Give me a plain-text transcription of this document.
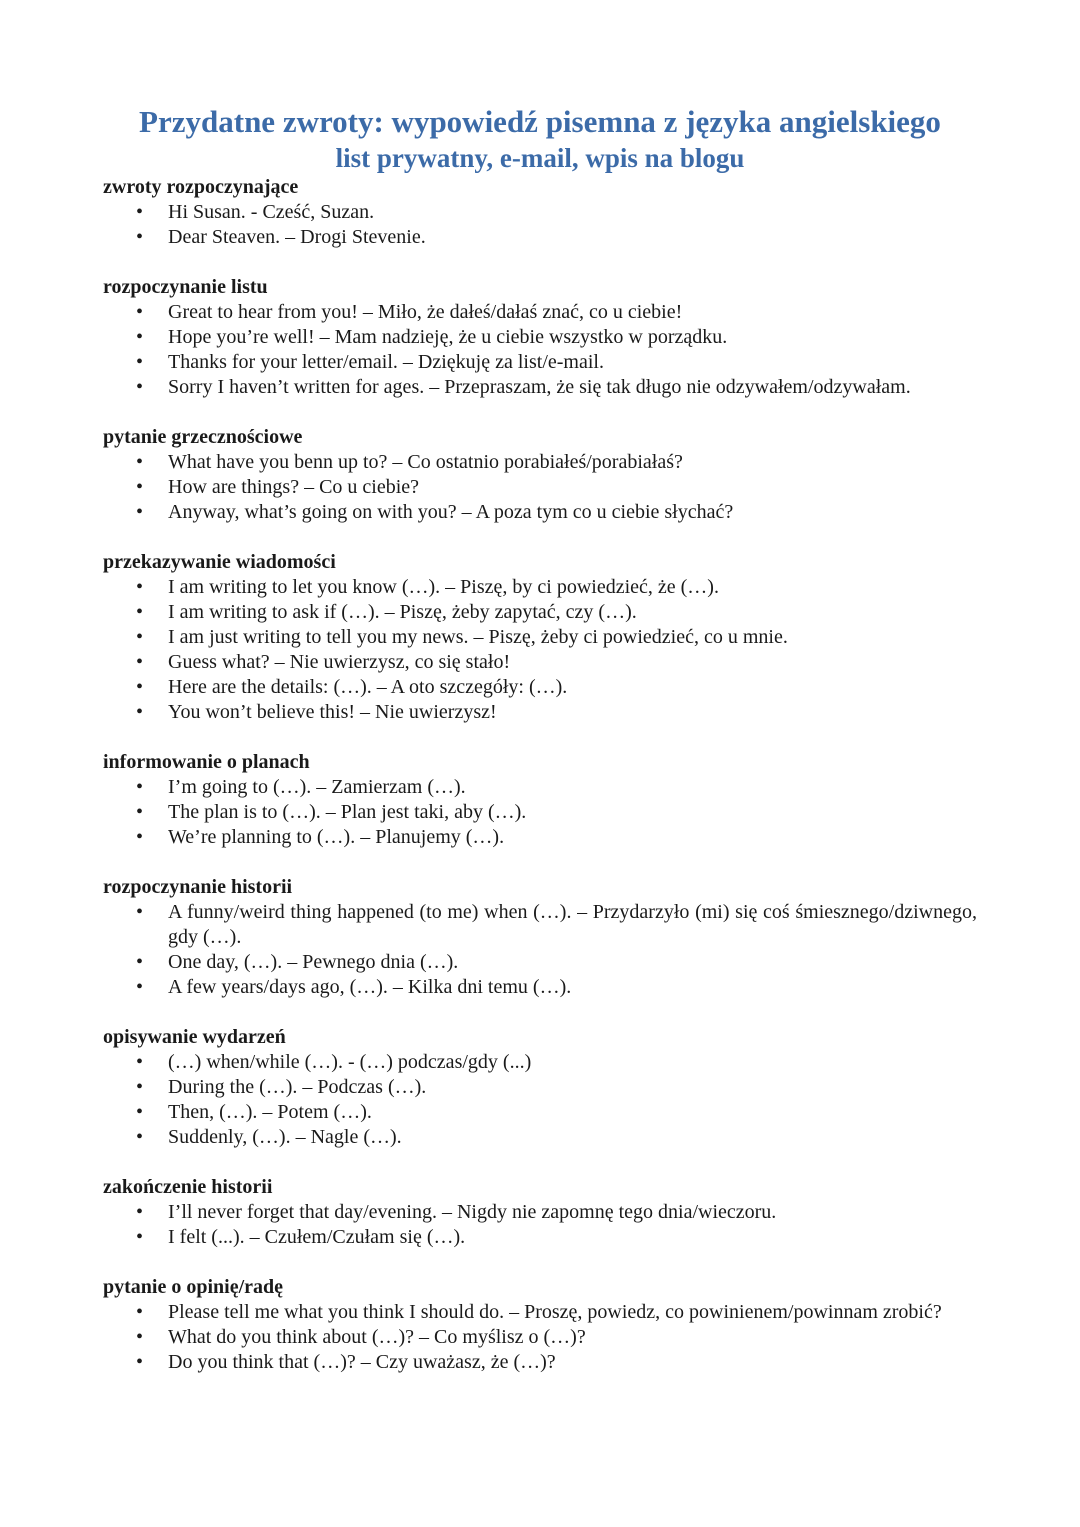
Przydatne zwroty: wypowiedź pisemna z języka angielskiego
list prywatny, e-mail, wpis na blogu
zwroty rozpoczynające
• Hi Susan. - Cześć, Suzan.
• Dear Steaven. – Drogi Stevenie.
rozpoczynanie listu
• Great to hear from you! – Miło, że dałeś/dałaś znać, co u ciebie!
• Hope you’re well! – Mam nadzieję, że u ciebie wszystko w porządku.
• Thanks for your letter/email. – Dziękuję za list/e-mail.
• Sorry I haven’t written for ages. – Przepraszam, że się tak długo nie odzywałem/odzywałam.
pytanie grzecznościowe
• What have you benn up to? – Co ostatnio porabiałeś/porabiałaś?
• How are things? – Co u ciebie?
• Anyway, what’s going on with you? – A poza tym co u ciebie słychać?
przekazywanie wiadomości
• I am writing to let you know (…). – Piszę, by ci powiedzieć, że (…).
• I am writing to ask if (…). – Piszę, żeby zapytać, czy (…).
• I am just writing to tell you my news. – Piszę, żeby ci powiedzieć, co u mnie.
• Guess what? – Nie uwierzysz, co się stało!
• Here are the details: (…). – A oto szczegóły: (…).
• You won’t believe this! – Nie uwierzysz!
informowanie o planach
• I’m going to (…). – Zamierzam (…).
• The plan is to (…). – Plan jest taki, aby (…).
• We’re planning to (…). – Planujemy (…).
rozpoczynanie historii
• A funny/weird thing happened (to me) when (…). – Przydarzyło (mi) się coś śmiesznego/dziwnego, gdy (…).
• One day, (…). – Pewnego dnia (…).
• A few years/days ago, (…). – Kilka dni temu (…).
opisywanie wydarzeń
• (…) when/while (…). - (…) podczas/gdy (...)
• During the (…). – Podczas (…).
• Then, (…). – Potem (…).
• Suddenly, (…). – Nagle (…).
zakończenie historii
• I’ll never forget that day/evening. – Nigdy nie zapomnę tego dnia/wieczoru.
• I felt (...). – Czułem/Czułam się (…).
pytanie o opinię/radę
• Please tell me what you think I should do. – Proszę, powiedz, co powinienem/powinnam zrobić?
• What do you think about (…)? – Co myślisz o (…)?
• Do you think that (…)? – Czy uważasz, że (…)?
